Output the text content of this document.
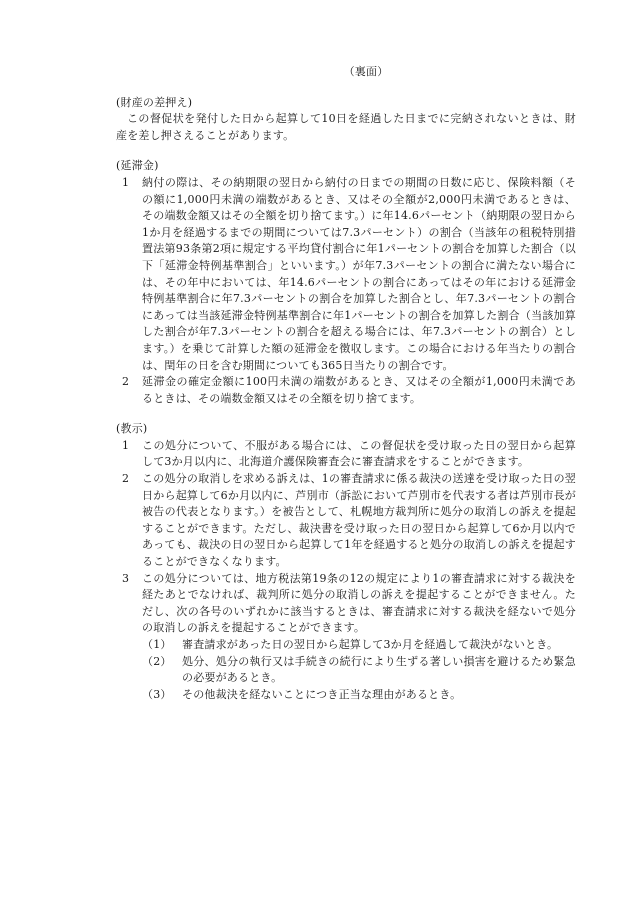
（裏面）

(財産の差押え)

この督促状を発付した日から起算して10日を経過した日までに完納されないときは、財産を差し押さえることがあります。

(延滞金)

1	納付の際は、その納期限の翌日から納付の日までの期間の日数に応じ、保険料額（その額に1,000円未満の端数があるとき、又はその全額が2,000円未満であるときは、その端数金額又はその全額を切り捨てます。）に年14.6パーセント（納期限の翌日から1か月を経過するまでの期間については7.3パーセント）の割合（当該年の租税特別措置法第93条第2項に規定する平均貸付割合に年1パーセントの割合を加算した割合（以下「延滞金特例基準割合」といいます。）が年7.3パーセントの割合に満たない場合には、その年中においては、年14.6パーセントの割合にあってはその年における延滞金特例基準割合に年7.3パーセントの割合を加算した割合とし、年7.3パーセントの割合にあっては当該延滞金特例基準割合に年1パーセントの割合を加算した割合（当該加算した割合が年7.3パーセントの割合を超える場合には、年7.3パーセントの割合）とします。）を乗じて計算した額の延滞金を徴収します。この場合における年当たりの割合は、閏年の日を含む期間についても365日当たりの割合です。
2	延滞金の確定金額に100円未満の端数があるとき、又はその全額が1,000円未満であるときは、その端数金額又はその全額を切り捨てます。

(教示)

1	この処分について、不服がある場合には、この督促状を受け取った日の翌日から起算して3か月以内に、北海道介護保険審査会に審査請求をすることができます。
2	この処分の取消しを求める訴えは、1の審査請求に係る裁決の送達を受け取った日の翌日から起算して6か月以内に、芦別市（訴訟において芦別市を代表する者は芦別市長が被告の代表となります。）を被告として、札幌地方裁判所に処分の取消しの訴えを提起することができます。ただし、裁決書を受け取った日の翌日から起算して6か月以内であっても、裁決の日の翌日から起算して1年を経過すると処分の取消しの訴えを提起することができなくなります。
3	この処分については、地方税法第19条の12の規定により1の審査請求に対する裁決を経たあとでなければ、裁判所に処分の取消しの訴えを提起することができません。ただし、次の各号のいずれかに該当するときは、審査請求に対する裁決を経ないで処分の取消しの訴えを提起することができます。
（1） 審査請求があった日の翌日から起算して3か月を経過して裁決がないとき。
（2） 処分、処分の執行又は手続きの続行により生ずる著しい損害を避けるため緊急の必要があるとき。
（3） その他裁決を経ないことにつき正当な理由があるとき。
